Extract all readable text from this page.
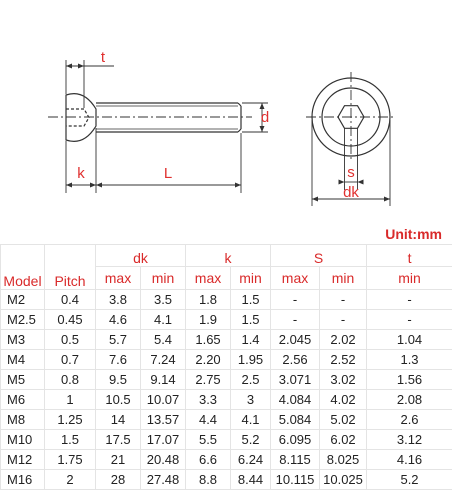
t
d
k	L	s
dk
Unit:mm
Model	Pitch	dk		k		S		t
		max	min	max	min	max	min	min
M2	0.4	3.8	3.5	1.8	1.5	-	-	-
M2.5	0.45	4.6	4.1	1.9	1.5	-	-	-
M3	0.5	5.7	5.4	1.65	1.4	2.045	2.02	1.04
M4	0.7	7.6	7.24	2.20	1.95	2.56	2.52	1.3
M5	0.8	9.5	9.14	2.75	2.5	3.071	3.02	1.56
M6	1	10.5	10.07	3.3	3	4.084	4.02	2.08
M8	1.25	14	13.57	4.4	4.1	5.084	5.02	2.6
M10	1.5	17.5	17.07	5.5	5.2	6.095	6.02	3.12
M12	1.75	21	20.48	6.6	6.24	8.115	8.025	4.16
M16	2	28	27.48	8.8	8.44	10.115	10.025	5.2
